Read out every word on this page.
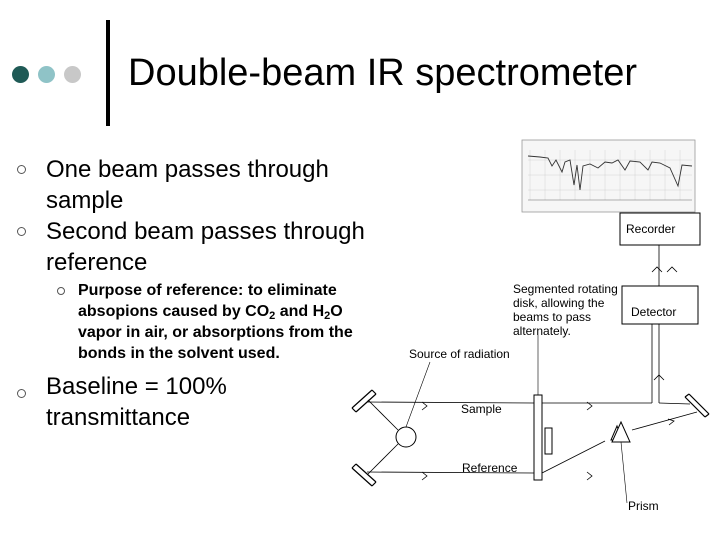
Double-beam IR spectrometer
One beam passes through
sample
Second beam passes through
reference
Purpose of reference: to eliminate
absopions caused by $CO_2$ and $H_2O$
vapor in air, or absorptions from the
bonds in the solvent used.
Baseline = 100%
transmittance
Recorder
Detector
Segmented rotating
disk, allowing the
beams to pass
alternately.
Source of radiation
Sample
Reference
Prism
